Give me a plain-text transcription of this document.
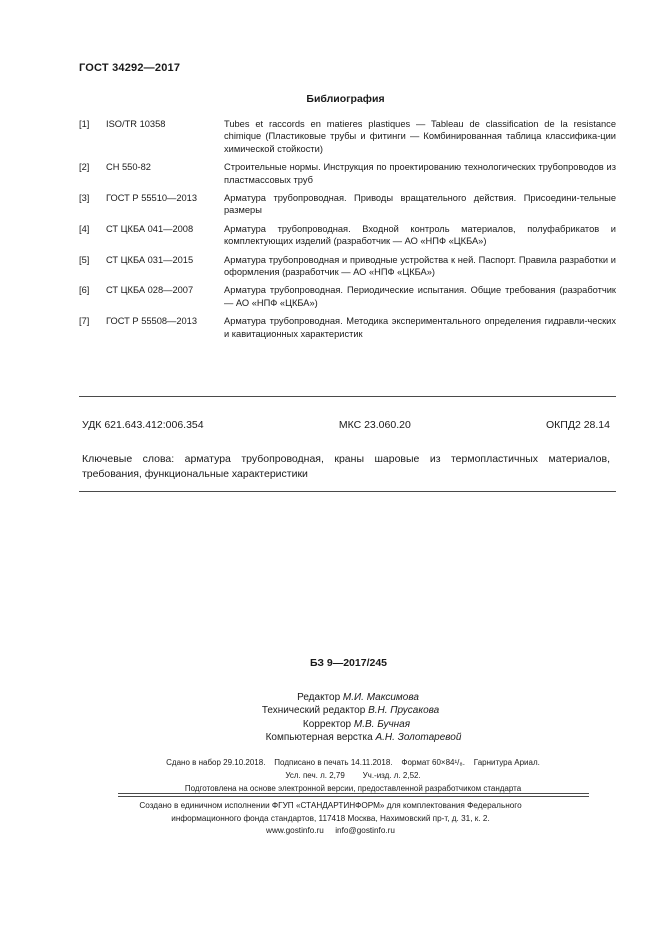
ГОСТ 34292—2017
Библиография
[1]	ISO/TR 10358	Tubes et raccords en matieres plastiques — Tableau de classification de la resistance chimique (Пластиковые трубы и фитинги — Комбинированная таблица классифика-ции химической стойкости)
[2]	СН 550-82	Строительные нормы. Инструкция по проектированию технологических трубопроводов из пластмассовых труб
[3]	ГОСТ Р 55510—2013	Арматура трубопроводная. Приводы вращательного действия. Присоедини-тельные размеры
[4]	СТ ЦКБА 041—2008	Арматура трубопроводная. Входной контроль материалов, полуфабрикатов и комплектующих изделий (разработчик — АО «НПФ «ЦКБА»)
[5]	СТ ЦКБА 031—2015	Арматура трубопроводная и приводные устройства к ней. Паспорт. Правила разработки и оформления (разработчик — АО «НПФ «ЦКБА»)
[6]	СТ ЦКБА 028—2007	Арматура трубопроводная. Периодические испытания. Общие требования (разработчик — АО «НПФ «ЦКБА»)
[7]	ГОСТ Р 55508—2013	Арматура трубопроводная. Методика экспериментального определения гидравли-ческих и кавитационных характеристик
УДК 621.643.412:006.354	МКС 23.060.20	ОКПД2 28.14
Ключевые слова: арматура трубопроводная, краны шаровые из термопластичных материалов, требования, функциональные характеристики
БЗ 9—2017/245
Редактор М.И. Максимова
Технический редактор В.Н. Прусакова
Корректор М.В. Бучная
Компьютерная верстка А.Н. Золотаревой
Сдано в набор 29.10.2018.    Подписано в печать 14.11.2018.    Формат 60×84¹/₈.    Гарнитура Ариал.
Усл. печ. л. 2,79        Уч.-изд. л. 2,52.
Подготовлена на основе электронной версии, предоставленной разработчиком стандарта
Создано в единичном исполнении ФГУП «СТАНДАРТИНФОРМ» для комплектования Федерального
информационного фонда стандартов, 117418 Москва, Нахимовский пр-т, д. 31, к. 2.
www.gostinfo.ru     info@gostinfo.ru
